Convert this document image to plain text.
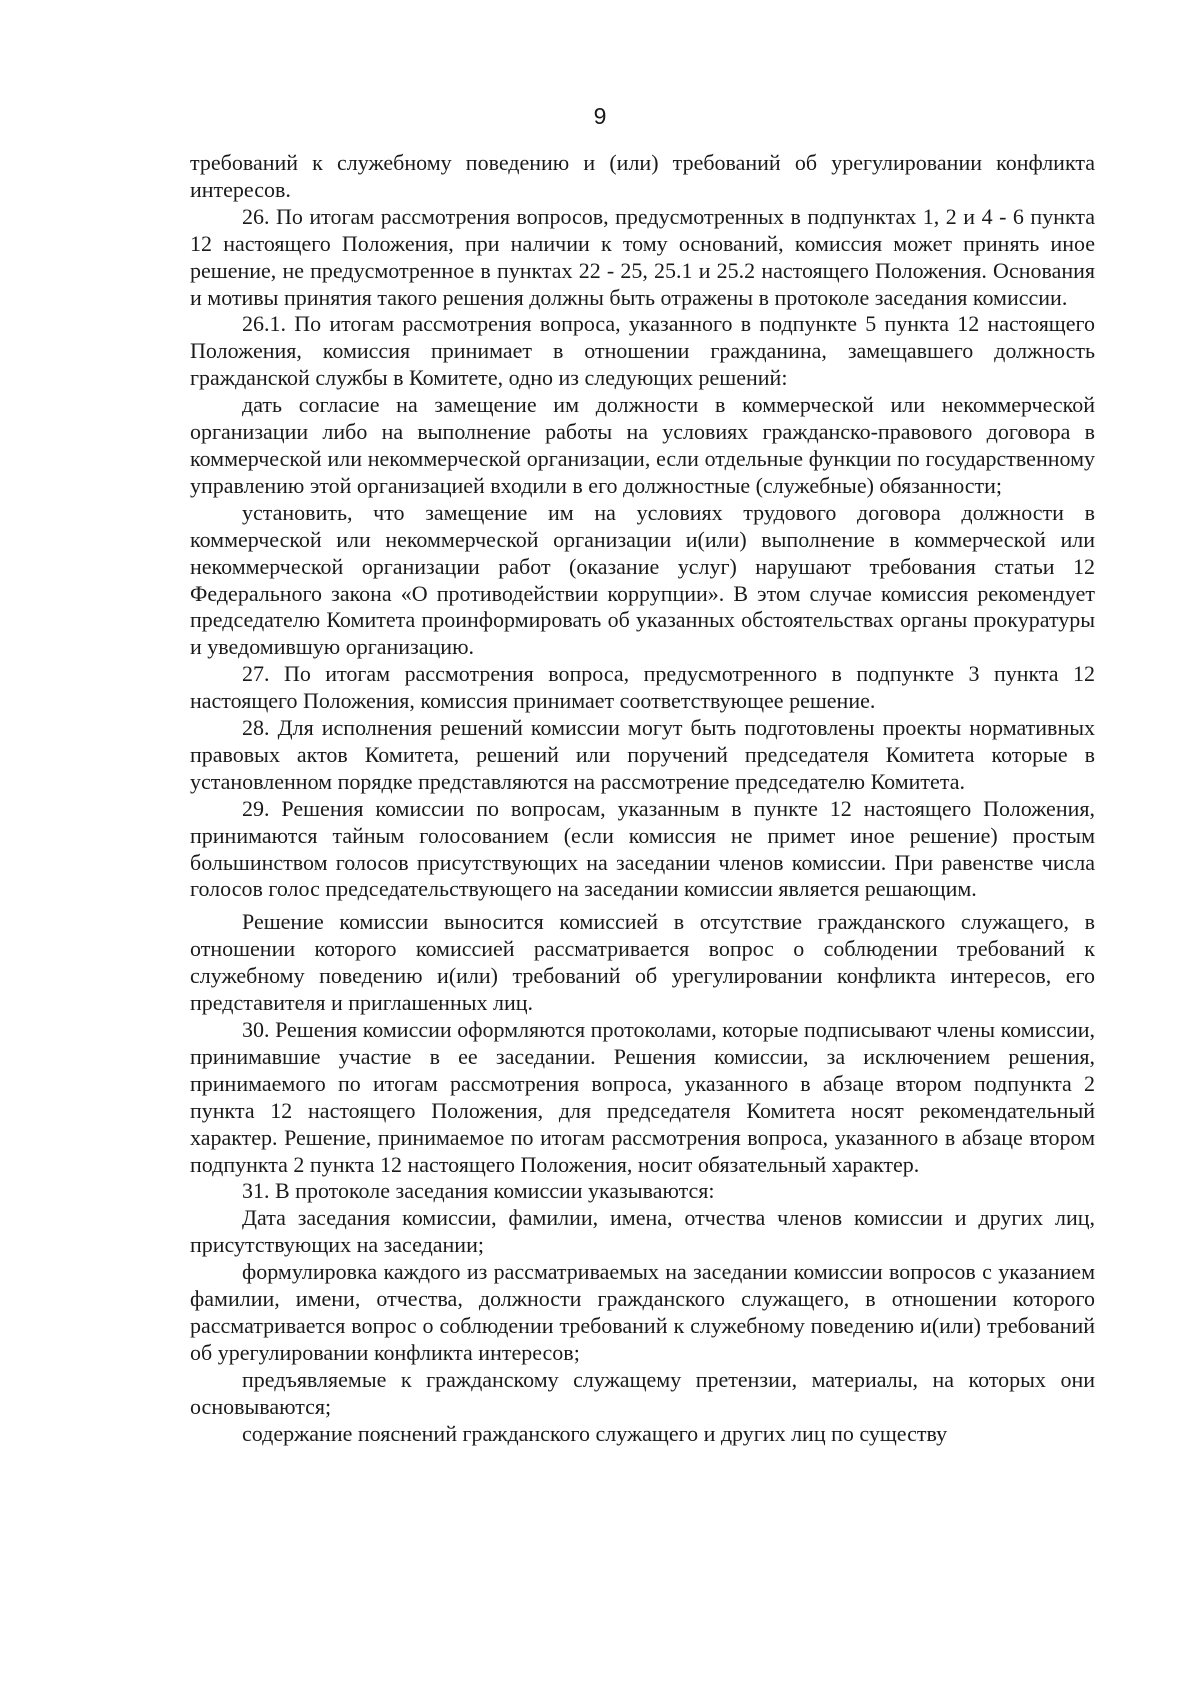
9

требований к служебному поведению и (или) требований об урегулировании конфликта интересов.

26. По итогам рассмотрения вопросов, предусмотренных в подпунктах 1, 2 и 4 - 6 пункта 12 настоящего Положения, при наличии к тому оснований, комиссия может принять иное решение, не предусмотренное в пунктах 22 - 25, 25.1 и 25.2 настоящего Положения. Основания и мотивы принятия такого решения должны быть отражены в протоколе заседания комиссии.

26.1. По итогам рассмотрения вопроса, указанного в подпункте 5 пункта 12 настоящего Положения, комиссия принимает в отношении гражданина, замещавшего должность гражданской службы в Комитете, одно из следующих решений:

дать согласие на замещение им должности в коммерческой или некоммерческой организации либо на выполнение работы на условиях гражданско-правового договора в коммерческой или некоммерческой организации, если отдельные функции по государственному управлению этой организацией входили в его должностные (служебные) обязанности;

установить, что замещение им на условиях трудового договора должности в коммерческой или некоммерческой организации и(или) выполнение в коммерческой или некоммерческой организации работ (оказание услуг) нарушают требования статьи 12 Федерального закона «О противодействии коррупции». В этом случае комиссия рекомендует председателю Комитета проинформировать об указанных обстоятельствах органы прокуратуры и уведомившую организацию.

27. По итогам рассмотрения вопроса, предусмотренного в подпункте 3 пункта 12 настоящего Положения, комиссия принимает соответствующее решение.

28. Для исполнения решений комиссии могут быть подготовлены проекты нормативных правовых актов Комитета, решений или поручений председателя Комитета которые в установленном порядке представляются на рассмотрение председателю Комитета.

29. Решения комиссии по вопросам, указанным в пункте 12 настоящего Положения, принимаются тайным голосованием (если комиссия не примет иное решение) простым большинством голосов присутствующих на заседании членов комиссии. При равенстве числа голосов голос председательствующего на заседании комиссии является решающим.

Решение комиссии выносится комиссией в отсутствие гражданского служащего, в отношении которого комиссией рассматривается вопрос о соблюдении требований к служебному поведению и(или) требований об урегулировании конфликта интересов, его представителя и приглашенных лиц.

30. Решения комиссии оформляются протоколами, которые подписывают члены комиссии, принимавшие участие в ее заседании. Решения комиссии, за исключением решения, принимаемого по итогам рассмотрения вопроса, указанного в абзаце втором подпункта 2 пункта 12 настоящего Положения, для председателя Комитета носят рекомендательный характер. Решение, принимаемое по итогам рассмотрения вопроса, указанного в абзаце втором подпункта 2 пункта 12 настоящего Положения, носит обязательный характер.

31. В протоколе заседания комиссии указываются:

Дата заседания комиссии, фамилии, имена, отчества членов комиссии и других лиц, присутствующих на заседании;

формулировка каждого из рассматриваемых на заседании комиссии вопросов с указанием фамилии, имени, отчества, должности гражданского служащего, в отношении которого рассматривается вопрос о соблюдении требований к служебному поведению и(или) требований об урегулировании конфликта интересов;

предъявляемые к гражданскому служащему претензии, материалы, на которых они основываются;

содержание пояснений гражданского служащего и других лиц по существу
